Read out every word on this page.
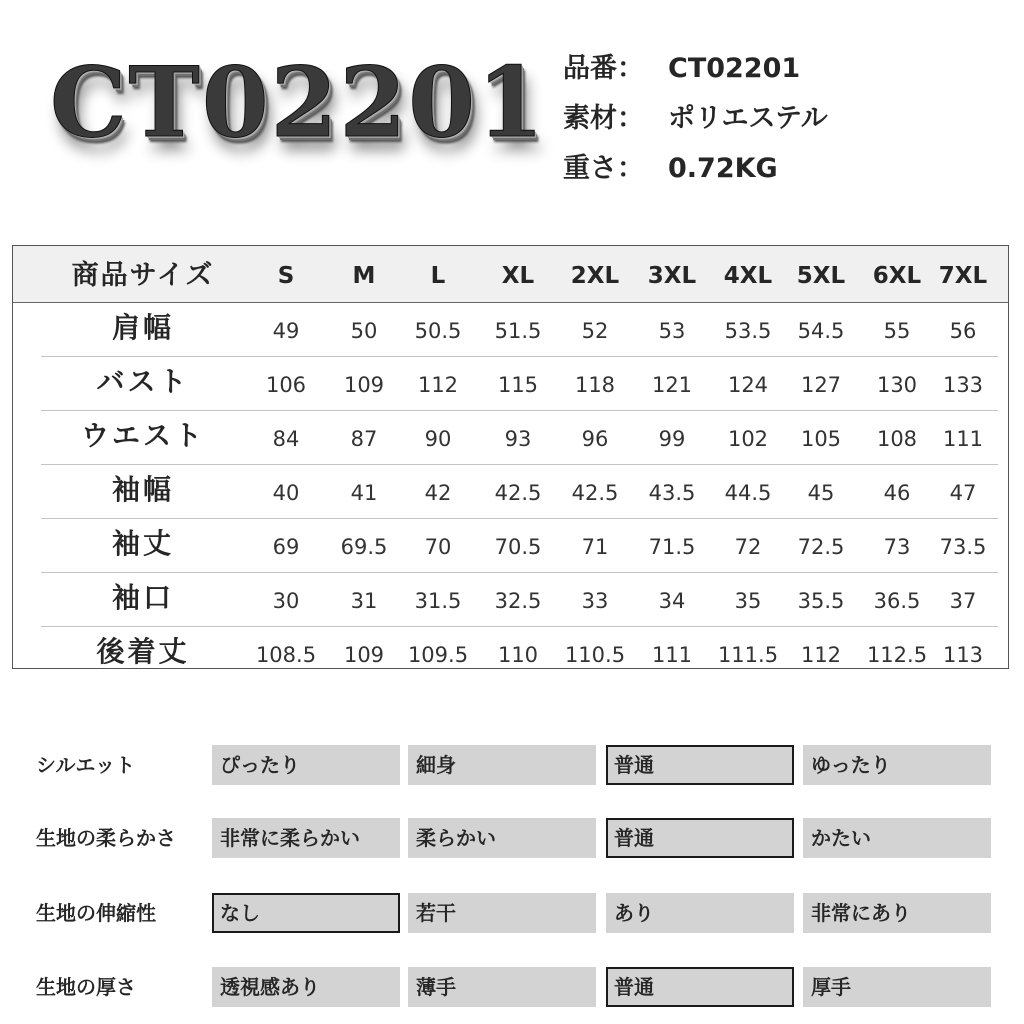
CT02201 品番： CT02201
素材： ポリエステル
重さ： 0.72KG
商品サイズ	S	M	L	XL	2XL	3XL	4XL	5XL	6XL 7XL
肩幅	49	50	50.5	51.5	52	53	53.5	54.5	55	56
バスト	106	109	112	115	118	121	124	127	130	133
ウエスト	84	87	90	93	96	99	102	105	108	111
袖幅	40	41	42	42.5	42.5	43.5	44.5	45	46	47
袖丈	69	69.5	70	70.5	71	71.5	72	72.5	73	73.5
袖口	30	31	31.5	32.5	33	34	35	35.5	36.5	37
後着丈	108.5	109	109.5	110	110.5	111	111.5	112	112.5 113
シルエット	ぴったり	細身	普通	ゆったり
生地の柔らかさ	非常に柔らかい	柔らかい	普通	かたい
生地の伸縮性	なし	若干	あり	非常にあり
生地の厚さ	透視感あり	薄手	普通	厚手
